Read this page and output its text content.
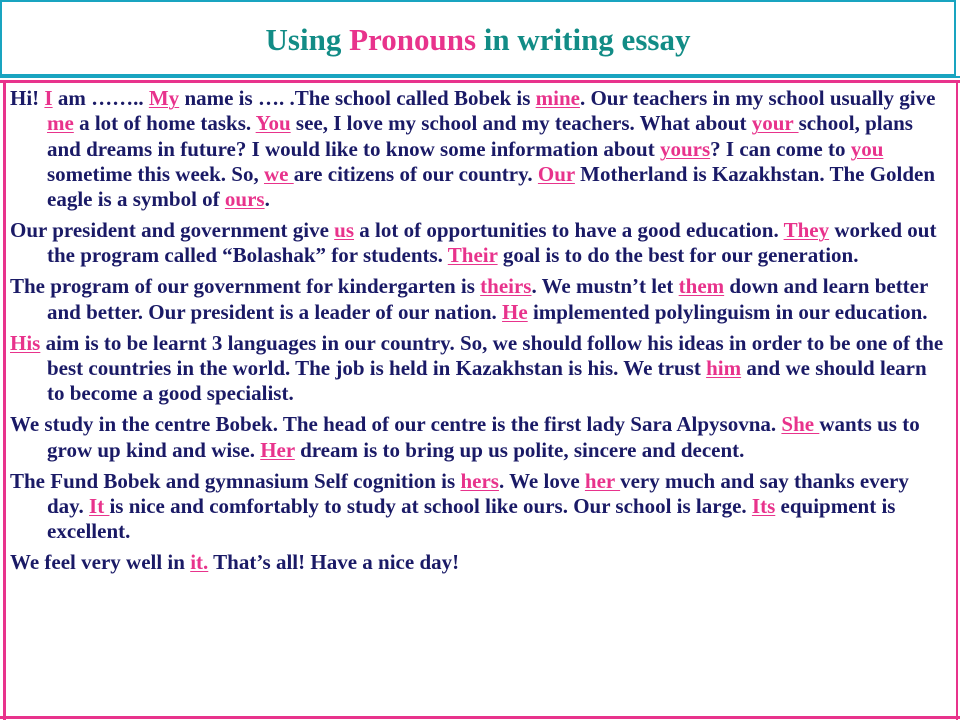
Using Pronouns in writing essay

Hi! I am …….. My name is …. .The school called Bobek is mine. Our teachers in my school usually give me a lot of home tasks. You see, I love my school and my teachers. What about your school, plans and dreams in future? I would like to know some information about yours? I can come to you sometime this week. So, we are citizens of our country. Our Motherland is Kazakhstan. The Golden eagle is a symbol of ours.

Our president and government give us a lot of opportunities to have a good education. They worked out the program called “Bolashak” for students. Their goal is to do the best for our generation.

The program of our government for kindergarten is theirs. We mustn’t let them down and learn better and better. Our president is a leader of our nation. He implemented polylinguism in our education.

His aim is to be learnt 3 languages in our country. So, we should follow his ideas in order to be one of the best countries in the world. The job is held in Kazakhstan is his. We trust him and we should learn to become a good specialist.

We study in the centre Bobek. The head of our centre is the first lady Sara Alpysovna. She wants us to grow up kind and wise. Her dream is to bring up us polite, sincere and decent.

The Fund Bobek and gymnasium Self cognition is hers. We love her very much and say thanks every day. It is nice and comfortably to study at school like ours. Our school is large. Its equipment is excellent.

We feel very well in it. That’s all! Have a nice day!
